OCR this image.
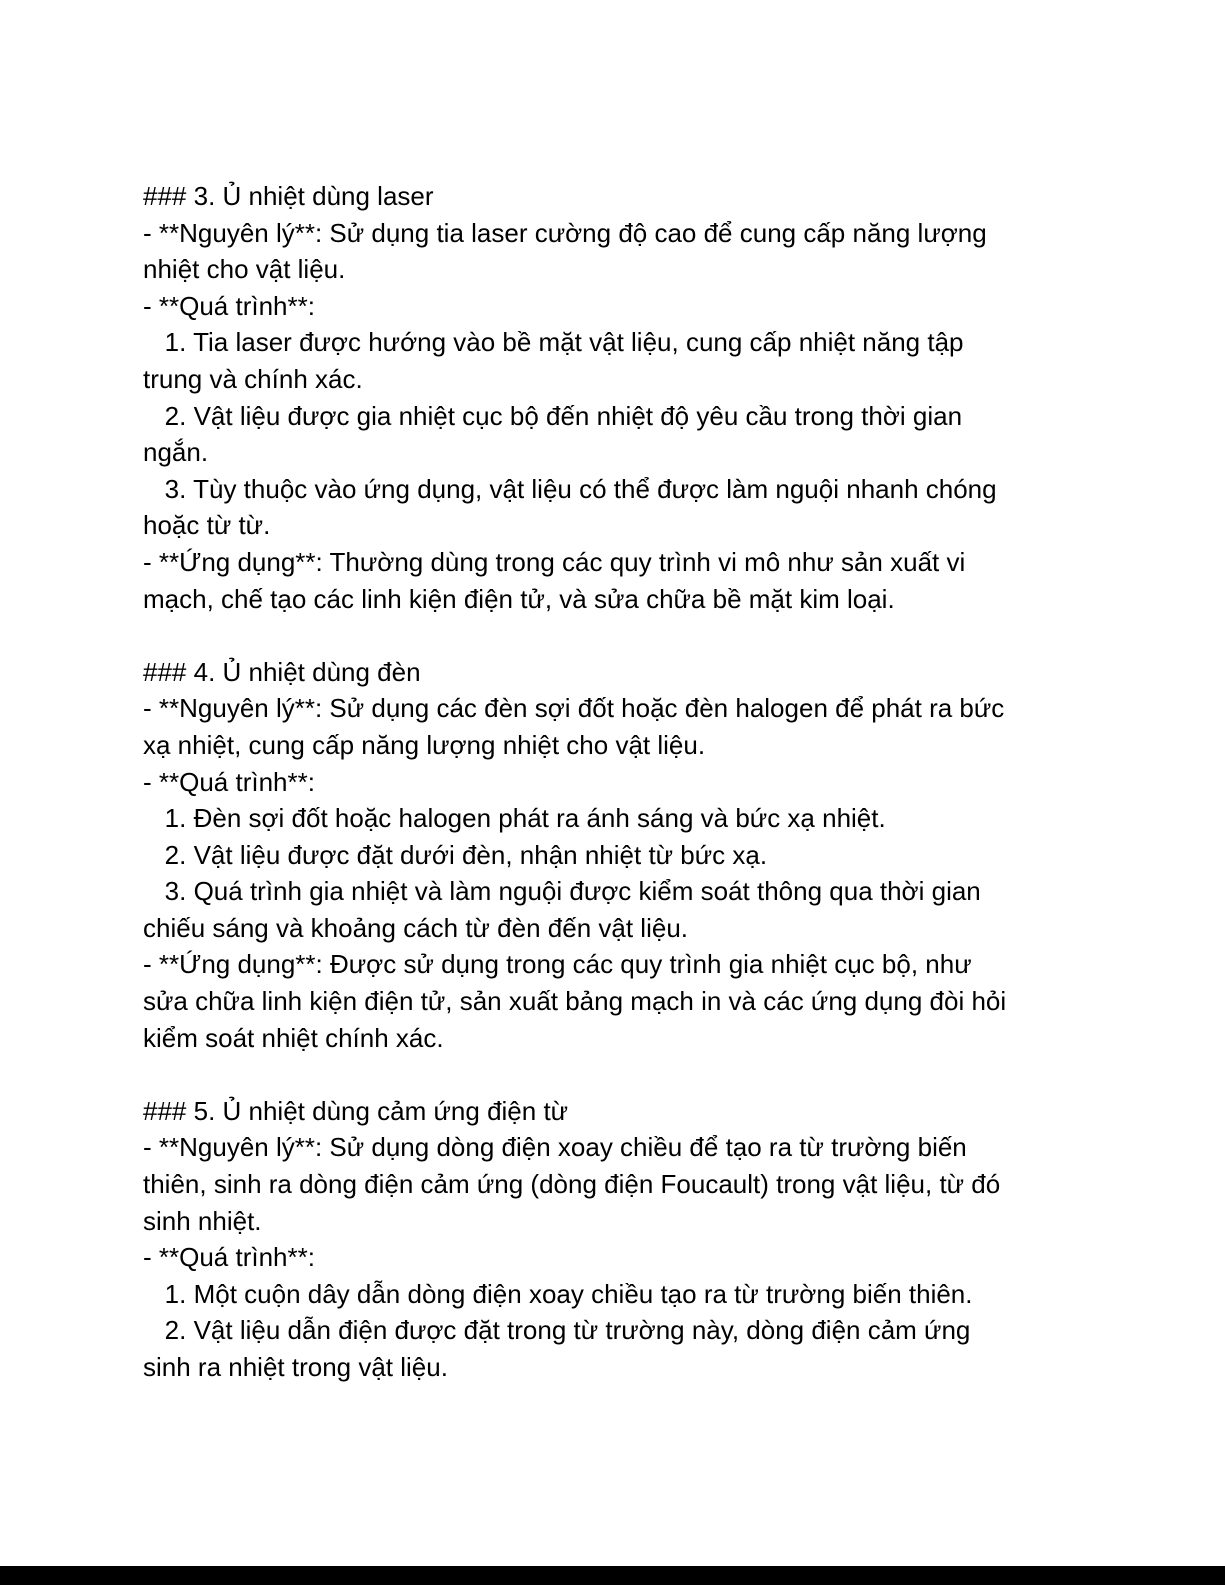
### 3. Ủ nhiệt dùng laser
- **Nguyên lý**: Sử dụng tia laser cường độ cao để cung cấp năng lượng
nhiệt cho vật liệu.
- **Quá trình**:
1. Tia laser được hướng vào bề mặt vật liệu, cung cấp nhiệt năng tập
trung và chính xác.
2. Vật liệu được gia nhiệt cục bộ đến nhiệt độ yêu cầu trong thời gian
ngắn.
3. Tùy thuộc vào ứng dụng, vật liệu có thể được làm nguội nhanh chóng
hoặc từ từ.
- **Ứng dụng**: Thường dùng trong các quy trình vi mô như sản xuất vi
mạch, chế tạo các linh kiện điện tử, và sửa chữa bề mặt kim loại.
### 4. Ủ nhiệt dùng đèn
- **Nguyên lý**: Sử dụng các đèn sợi đốt hoặc đèn halogen để phát ra bức
xạ nhiệt, cung cấp năng lượng nhiệt cho vật liệu.
- **Quá trình**:
1. Đèn sợi đốt hoặc halogen phát ra ánh sáng và bức xạ nhiệt.
2. Vật liệu được đặt dưới đèn, nhận nhiệt từ bức xạ.
3. Quá trình gia nhiệt và làm nguội được kiểm soát thông qua thời gian
chiếu sáng và khoảng cách từ đèn đến vật liệu.
- **Ứng dụng**: Được sử dụng trong các quy trình gia nhiệt cục bộ, như
sửa chữa linh kiện điện tử, sản xuất bảng mạch in và các ứng dụng đòi hỏi
kiểm soát nhiệt chính xác.
### 5. Ủ nhiệt dùng cảm ứng điện từ
- **Nguyên lý**: Sử dụng dòng điện xoay chiều để tạo ra từ trường biến
thiên, sinh ra dòng điện cảm ứng (dòng điện Foucault) trong vật liệu, từ đó
sinh nhiệt.
- **Quá trình**:
1. Một cuộn dây dẫn dòng điện xoay chiều tạo ra từ trường biến thiên.
2. Vật liệu dẫn điện được đặt trong từ trường này, dòng điện cảm ứng
sinh ra nhiệt trong vật liệu.
